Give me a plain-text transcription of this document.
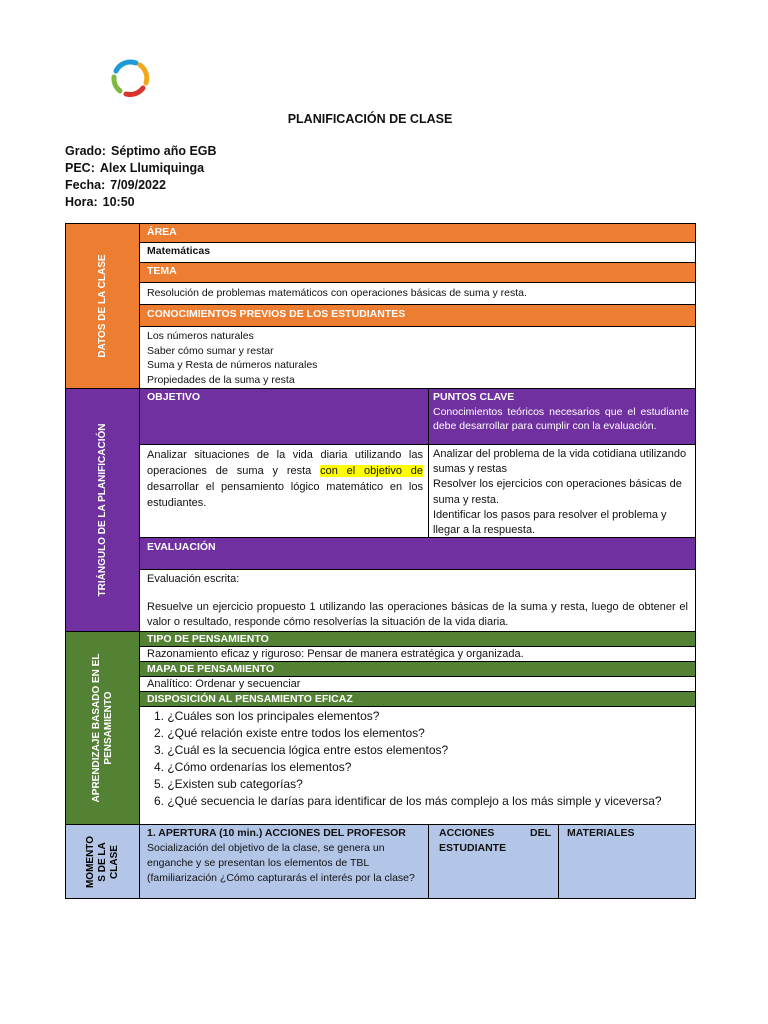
PLANIFICACIÓN DE CLASE
Grado: Séptimo año EGB
PEC: Alex Llumiquinga
Fecha: 7/09/2022
Hora: 10:50
DATOS DE LA CLASE
TRIÁNGULO DE LA PLANIFICACIÓN
APRENDIZAJE BASADO EN EL
PENSAMIENTO
MOMENTO
S DE LA
CLASE
ÁREA
Matemáticas
TEMA
Resolución de problemas matemáticos con operaciones básicas de suma y resta.
CONOCIMIENTOS PREVIOS DE LOS ESTUDIANTES
Los números naturales
Saber cómo sumar y restar
Suma y Resta de números naturales
Propiedades de la suma y resta
OBJETIVO	PUNTOS CLAVE
Conocimientos teóricos necesarios que el estudiante debe desarrollar para cumplir con la evaluación.
Analizar situaciones de la vida diaria utilizando las operaciones de suma y resta con el objetivo de desarrollar el pensamiento lógico matemático en los estudiantes.
Analizar del problema de la vida cotidiana utilizando sumas y restas
Resolver los ejercicios con operaciones básicas de suma y resta.
Identificar los pasos para resolver el problema y llegar a la respuesta.
EVALUACIÓN
Evaluación escrita:
Resuelve un ejercicio propuesto 1 utilizando las operaciones básicas de la suma y resta, luego de obtener el valor o resultado, responde cómo resolverías la situación de la vida diaria.
TIPO DE PENSAMIENTO
Razonamiento eficaz y riguroso: Pensar de manera estratégica y organizada.
MAPA DE PENSAMIENTO
Analítico: Ordenar y secuenciar
DISPOSICIÓN AL PENSAMIENTO EFICAZ
1. ¿Cuáles son los principales elementos?
2. ¿Qué relación existe entre todos los elementos?
3. ¿Cuál es la secuencia lógica entre estos elementos?
4. ¿Cómo ordenarías los elementos?
5. ¿Existen sub categorías?
6. ¿Qué secuencia le darías para identificar de los más complejo a los más simple y viceversa?
1. APERTURA (10 min.) ACCIONES DEL PROFESOR
Socialización del objetivo de la clase, se genera un enganche y se presentan los elementos de TBL (familiarización ¿Cómo capturarás el interés por la clase?
ACCIONES DEL ESTUDIANTE
MATERIALES
